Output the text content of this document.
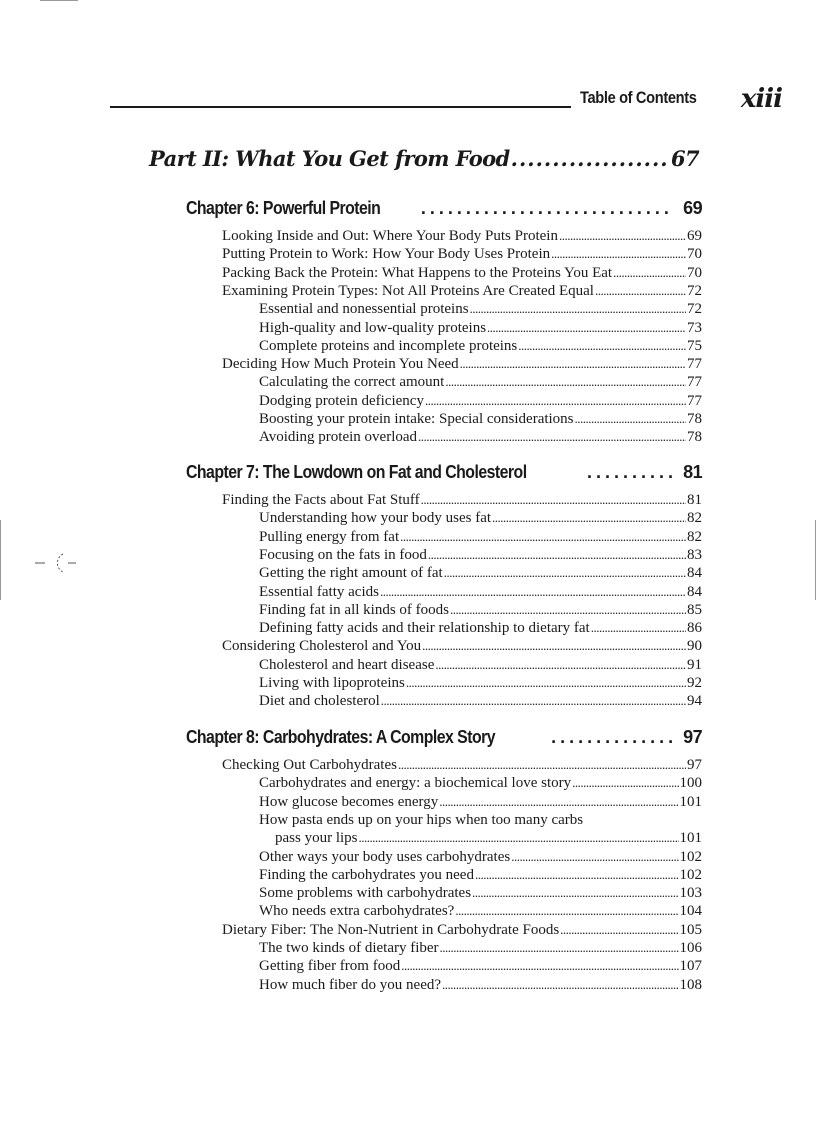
Table of Contents xiii
Part II: What You Get from Food .....	67
Chapter 6: Powerful Protein .....	69
Looking Inside and Out: Where Your Body Puts Protein .....	69
Putting Protein to Work: How Your Body Uses Protein .....	70
Packing Back the Protein: What Happens to the Proteins You Eat .....	70
Examining Protein Types: Not All Proteins Are Created Equal .....	72
Essential and nonessential proteins .....	72
High-quality and low-quality proteins .....	73
Complete proteins and incomplete proteins .....	75
Deciding How Much Protein You Need .....	77
Calculating the correct amount .....	77
Dodging protein deficiency .....	77
Boosting your protein intake: Special considerations .....	78
Avoiding protein overload .....	78
Chapter 7: The Lowdown on Fat and Cholesterol .....	81
Finding the Facts about Fat Stuff .....	81
Understanding how your body uses fat .....	82
Pulling energy from fat .....	82
Focusing on the fats in food .....	83
Getting the right amount of fat .....	84
Essential fatty acids .....	84
Finding fat in all kinds of foods .....	85
Defining fatty acids and their relationship to dietary fat .....	86
Considering Cholesterol and You .....	90
Cholesterol and heart disease .....	91
Living with lipoproteins .....	92
Diet and cholesterol .....	94
Chapter 8: Carbohydrates: A Complex Story .....	97
Checking Out Carbohydrates .....	97
Carbohydrates and energy: a biochemical love story .....	100
How glucose becomes energy .....	101
How pasta ends up on your hips when too many carbs
pass your lips .....	101
Other ways your body uses carbohydrates .....	102
Finding the carbohydrates you need .....	102
Some problems with carbohydrates .....	103
Who needs extra carbohydrates? .....	104
Dietary Fiber: The Non-Nutrient in Carbohydrate Foods .....	105
The two kinds of dietary fiber .....	106
Getting fiber from food .....	107
How much fiber do you need? .....	108
